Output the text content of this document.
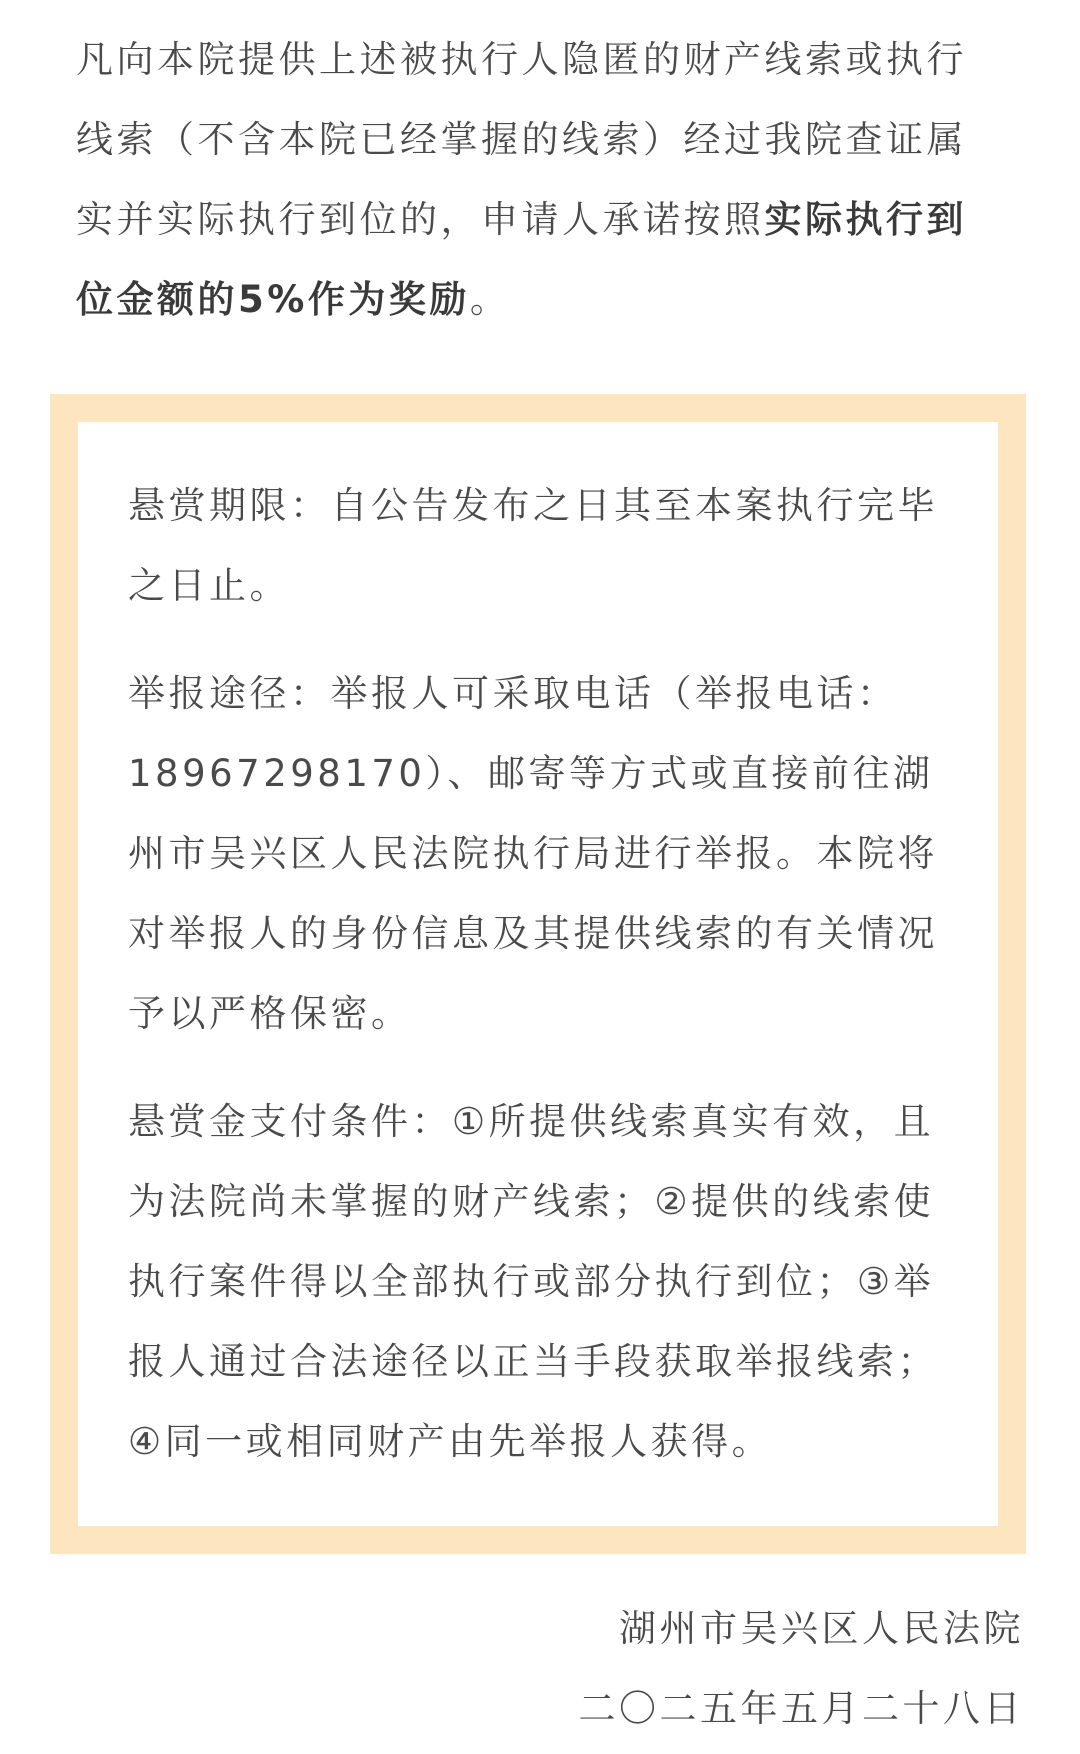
凡向本院提供上述被执行人隐匿的财产线索或执行线索（不含本院已经掌握的线索）经过我院查证属实并实际执行到位的，申请人承诺按照实际执行到位金额的5%作为奖励。

悬赏期限：自公告发布之日其至本案执行完毕之日止。

举报途径：举报人可采取电话（举报电话：18967298170）、邮寄等方式或直接前往湖州市吴兴区人民法院执行局进行举报。本院将对举报人的身份信息及其提供线索的有关情况予以严格保密。

悬赏金支付条件：①所提供线索真实有效，且为法院尚未掌握的财产线索；②提供的线索使执行案件得以全部执行或部分执行到位；③举报人通过合法途径以正当手段获取举报线索；④同一或相同财产由先举报人获得。

湖州市吴兴区人民法院

二〇二五年五月二十八日
